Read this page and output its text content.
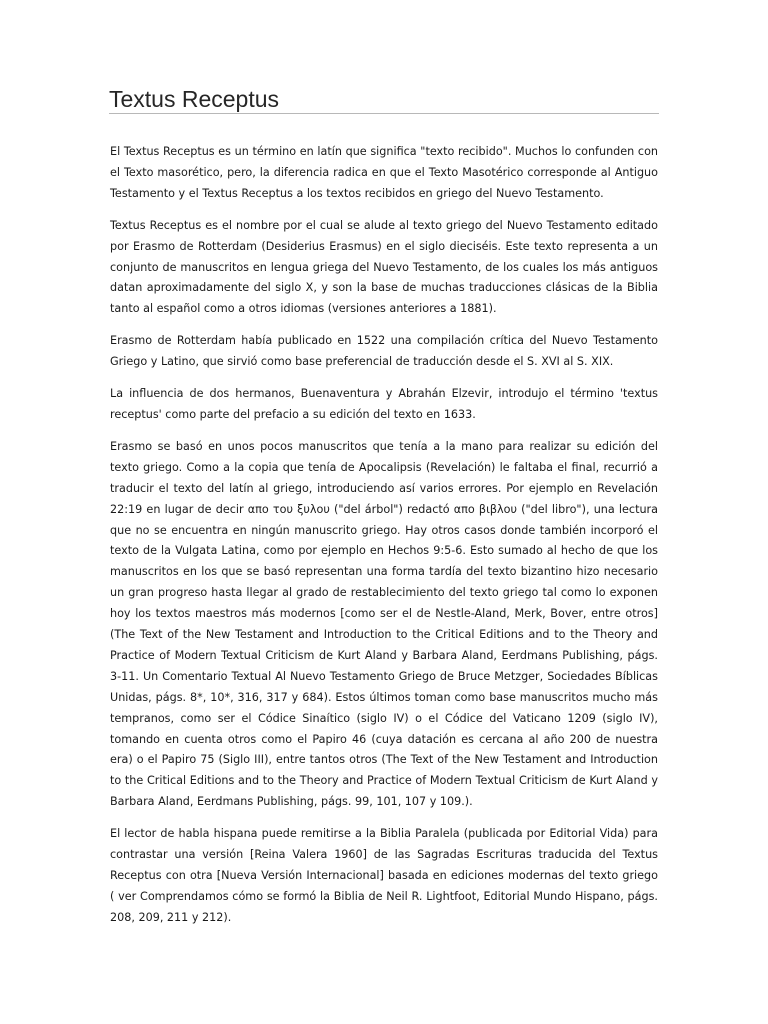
Textus Receptus

El Textus Receptus es un término en latín que significa "texto recibido". Muchos lo confunden con el Texto masorético, pero, la diferencia radica en que el Texto Masotérico corresponde al Antiguo Testamento y el Textus Receptus a los textos recibidos en griego del Nuevo Testamento.

Textus Receptus es el nombre por el cual se alude al texto griego del Nuevo Testamento editado por Erasmo de Rotterdam (Desiderius Erasmus) en el siglo dieciséis. Este texto representa a un conjunto de manuscritos en lengua griega del Nuevo Testamento, de los cuales los más antiguos datan aproximadamente del siglo X, y son la base de muchas traducciones clásicas de la Biblia tanto al español como a otros idiomas (versiones anteriores a 1881).

Erasmo de Rotterdam había publicado en 1522 una compilación crítica del Nuevo Testamento Griego y Latino, que sirvió como base preferencial de traducción desde el S. XVI al S. XIX.

La influencia de dos hermanos, Buenaventura y Abrahán Elzevir, introdujo el término 'textus receptus' como parte del prefacio a su edición del texto en 1633.

Erasmo se basó en unos pocos manuscritos que tenía a la mano para realizar su edición del texto griego. Como a la copia que tenía de Apocalipsis (Revelación) le faltaba el final, recurrió a traducir el texto del latín al griego, introduciendo así varios errores. Por ejemplo en Revelación 22:19 en lugar de decir απο του ξυλου ("del árbol") redactó απο βιβλου ("del libro"), una lectura que no se encuentra en ningún manuscrito griego. Hay otros casos donde también incorporó el texto de la Vulgata Latina, como por ejemplo en Hechos 9:5-6. Esto sumado al hecho de que los manuscritos en los que se basó representan una forma tardía del texto bizantino hizo necesario un gran progreso hasta llegar al grado de restablecimiento del texto griego tal como lo exponen hoy los textos maestros más modernos [como ser el de Nestle-Aland, Merk, Bover, entre otros] (The Text of the New Testament and Introduction to the Critical Editions and to the Theory and Practice of Modern Textual Criticism de Kurt Aland y Barbara Aland, Eerdmans Publishing, págs. 3-11. Un Comentario Textual Al Nuevo Testamento Griego de Bruce Metzger, Sociedades Bíblicas Unidas, págs. 8*, 10*, 316, 317 y 684). Estos últimos toman como base manuscritos mucho más tempranos, como ser el Códice Sinaítico (siglo IV) o el Códice del Vaticano 1209 (siglo IV), tomando en cuenta otros como el Papiro 46 (cuya datación es cercana al año 200 de nuestra era) o el Papiro 75 (Siglo III), entre tantos otros (The Text of the New Testament and Introduction to the Critical Editions and to the Theory and Practice of Modern Textual Criticism de Kurt Aland y Barbara Aland, Eerdmans Publishing, págs. 99, 101, 107 y 109.).

El lector de habla hispana puede remitirse a la Biblia Paralela (publicada por Editorial Vida) para contrastar una versión [Reina Valera 1960] de las Sagradas Escrituras traducida del Textus Receptus con otra [Nueva Versión Internacional] basada en ediciones modernas del texto griego ( ver Comprendamos cómo se formó la Biblia de Neil R. Lightfoot, Editorial Mundo Hispano, págs. 208, 209, 211 y 212).
